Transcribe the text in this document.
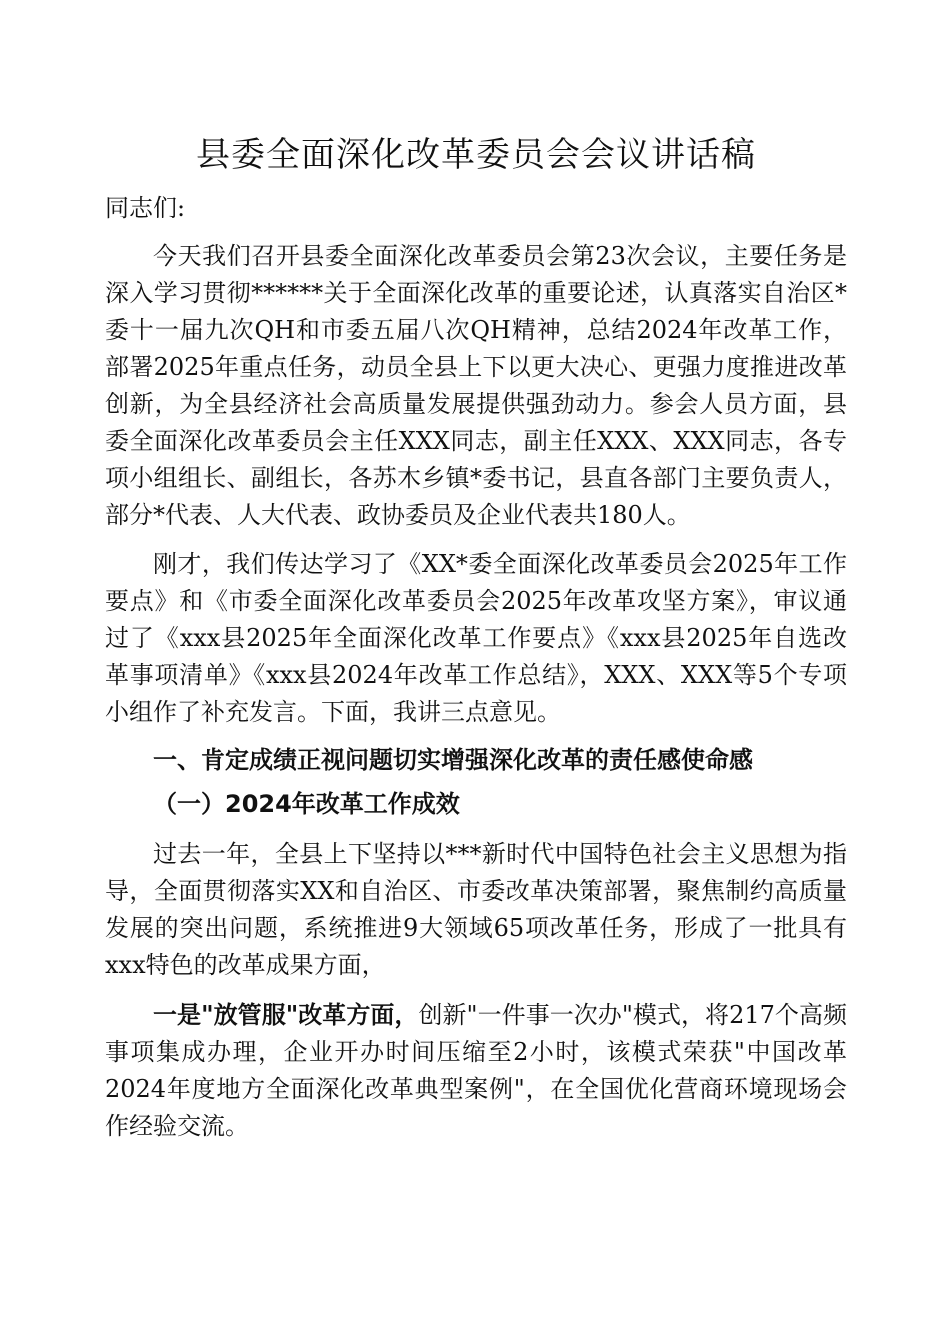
县委全面深化改革委员会会议讲话稿
同志们:

今天我们召开县委全面深化改革委员会第23次会议，主要任务是深入学习贯彻******关于全面深化改革的重要论述，认真落实自治区*委十一届九次QH和市委五届八次QH精神，总结2024年改革工作，部署2025年重点任务，动员全县上下以更大决心、更强力度推进改革创新，为全县经济社会高质量发展提供强劲动力。参会人员方面，县委全面深化改革委员会主任XXX同志，副主任XXX、XXX同志，各专项小组组长、副组长，各苏木乡镇*委书记，县直各部门主要负责人，部分*代表、人大代表、政协委员及企业代表共180人。

刚才，我们传达学习了《XX*委全面深化改革委员会2025年工作要点》和《市委全面深化改革委员会2025年改革攻坚方案》，审议通过了《xxx县2025年全面深化改革工作要点》《xxx县2025年自选改革事项清单》《xxx县2024年改革工作总结》，XXX、XXX等5个专项小组作了补充发言。下面，我讲三点意见。

一、肯定成绩正视问题切实增强深化改革的责任感使命感
（一）2024年改革工作成效

过去一年，全县上下坚持以***新时代中国特色社会主义思想为指导，全面贯彻落实XX和自治区、市委改革决策部署，聚焦制约高质量发展的突出问题，系统推进9大领域65项改革任务，形成了一批具有xxx特色的改革成果方面，

一是"放管服"改革方面，创新"一件事一次办"模式，将217个高频事项集成办理，企业开办时间压缩至2小时，该模式荣获"中国改革2024年度地方全面深化改革典型案例"，在全国优化营商环境现场会作经验交流。
